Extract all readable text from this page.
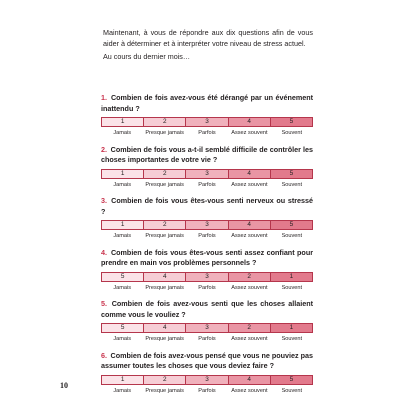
Maintenant, à vous de répondre aux dix questions afin de vous aider à déterminer et à interpréter votre niveau de stress actuel.

Au cours du dernier mois…

1. Combien de fois avez-vous été dérangé par un événement inattendu ?

1	2	3	4	5
Jamais	Presque jamais	Parfois	Assez souvent	Souvent

2. Combien de fois vous a-t-il semblé difficile de contrôler les choses importantes de votre vie ?

1	2	3	4	5
Jamais	Presque jamais	Parfois	Assez souvent	Souvent

3. Combien de fois vous êtes-vous senti nerveux ou stressé ?

1	2	3	4	5
Jamais	Presque jamais	Parfois	Assez souvent	Souvent

4. Combien de fois vous êtes-vous senti assez confiant pour prendre en main vos problèmes personnels ?

5	4	3	2	1
Jamais	Presque jamais	Parfois	Assez souvent	Souvent

5. Combien de fois avez-vous senti que les choses allaient comme vous le vouliez ?

5	4	3	2	1
Jamais	Presque jamais	Parfois	Assez souvent	Souvent

6. Combien de fois avez-vous pensé que vous ne pouviez pas assumer toutes les choses que vous deviez faire ?

1	2	3	4	5
Jamais	Presque jamais	Parfois	Assez souvent	Souvent
10
